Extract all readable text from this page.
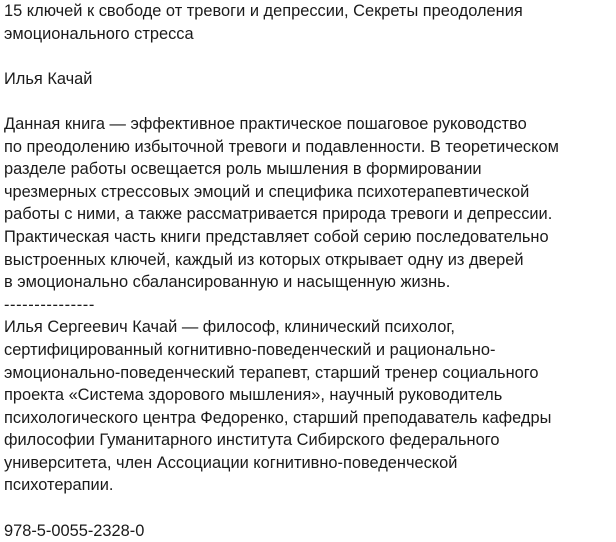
15 ключей к свободе от тревоги и депрессии, Секреты преодоления
эмоционального стресса
Илья Качай
Данная книга — эффективное практическое пошаговое руководство
по преодолению избыточной тревоги и подавленности. В теоретическом
разделе работы освещается роль мышления в формировании
чрезмерных стрессовых эмоций и специфика психотерапевтической
работы с ними, а также рассматривается природа тревоги и депрессии.
Практическая часть книги представляет собой серию последовательно
выстроенных ключей, каждый из которых открывает одну из дверей
в эмоционально сбалансированную и насыщенную жизнь.
---------------
Илья Сергеевич Качай — философ, клинический психолог,
сертифицированный когнитивно-поведенческий и рационально-
эмоционально-поведенческий терапевт, старший тренер социального
проекта «Система здорового мышления», научный руководитель
психологического центра Федоренко, старший преподаватель кафедры
философии Гуманитарного института Сибирского федерального
университета, член Ассоциации когнитивно-поведенческой
психотерапии.
978-5-0055-2328-0
